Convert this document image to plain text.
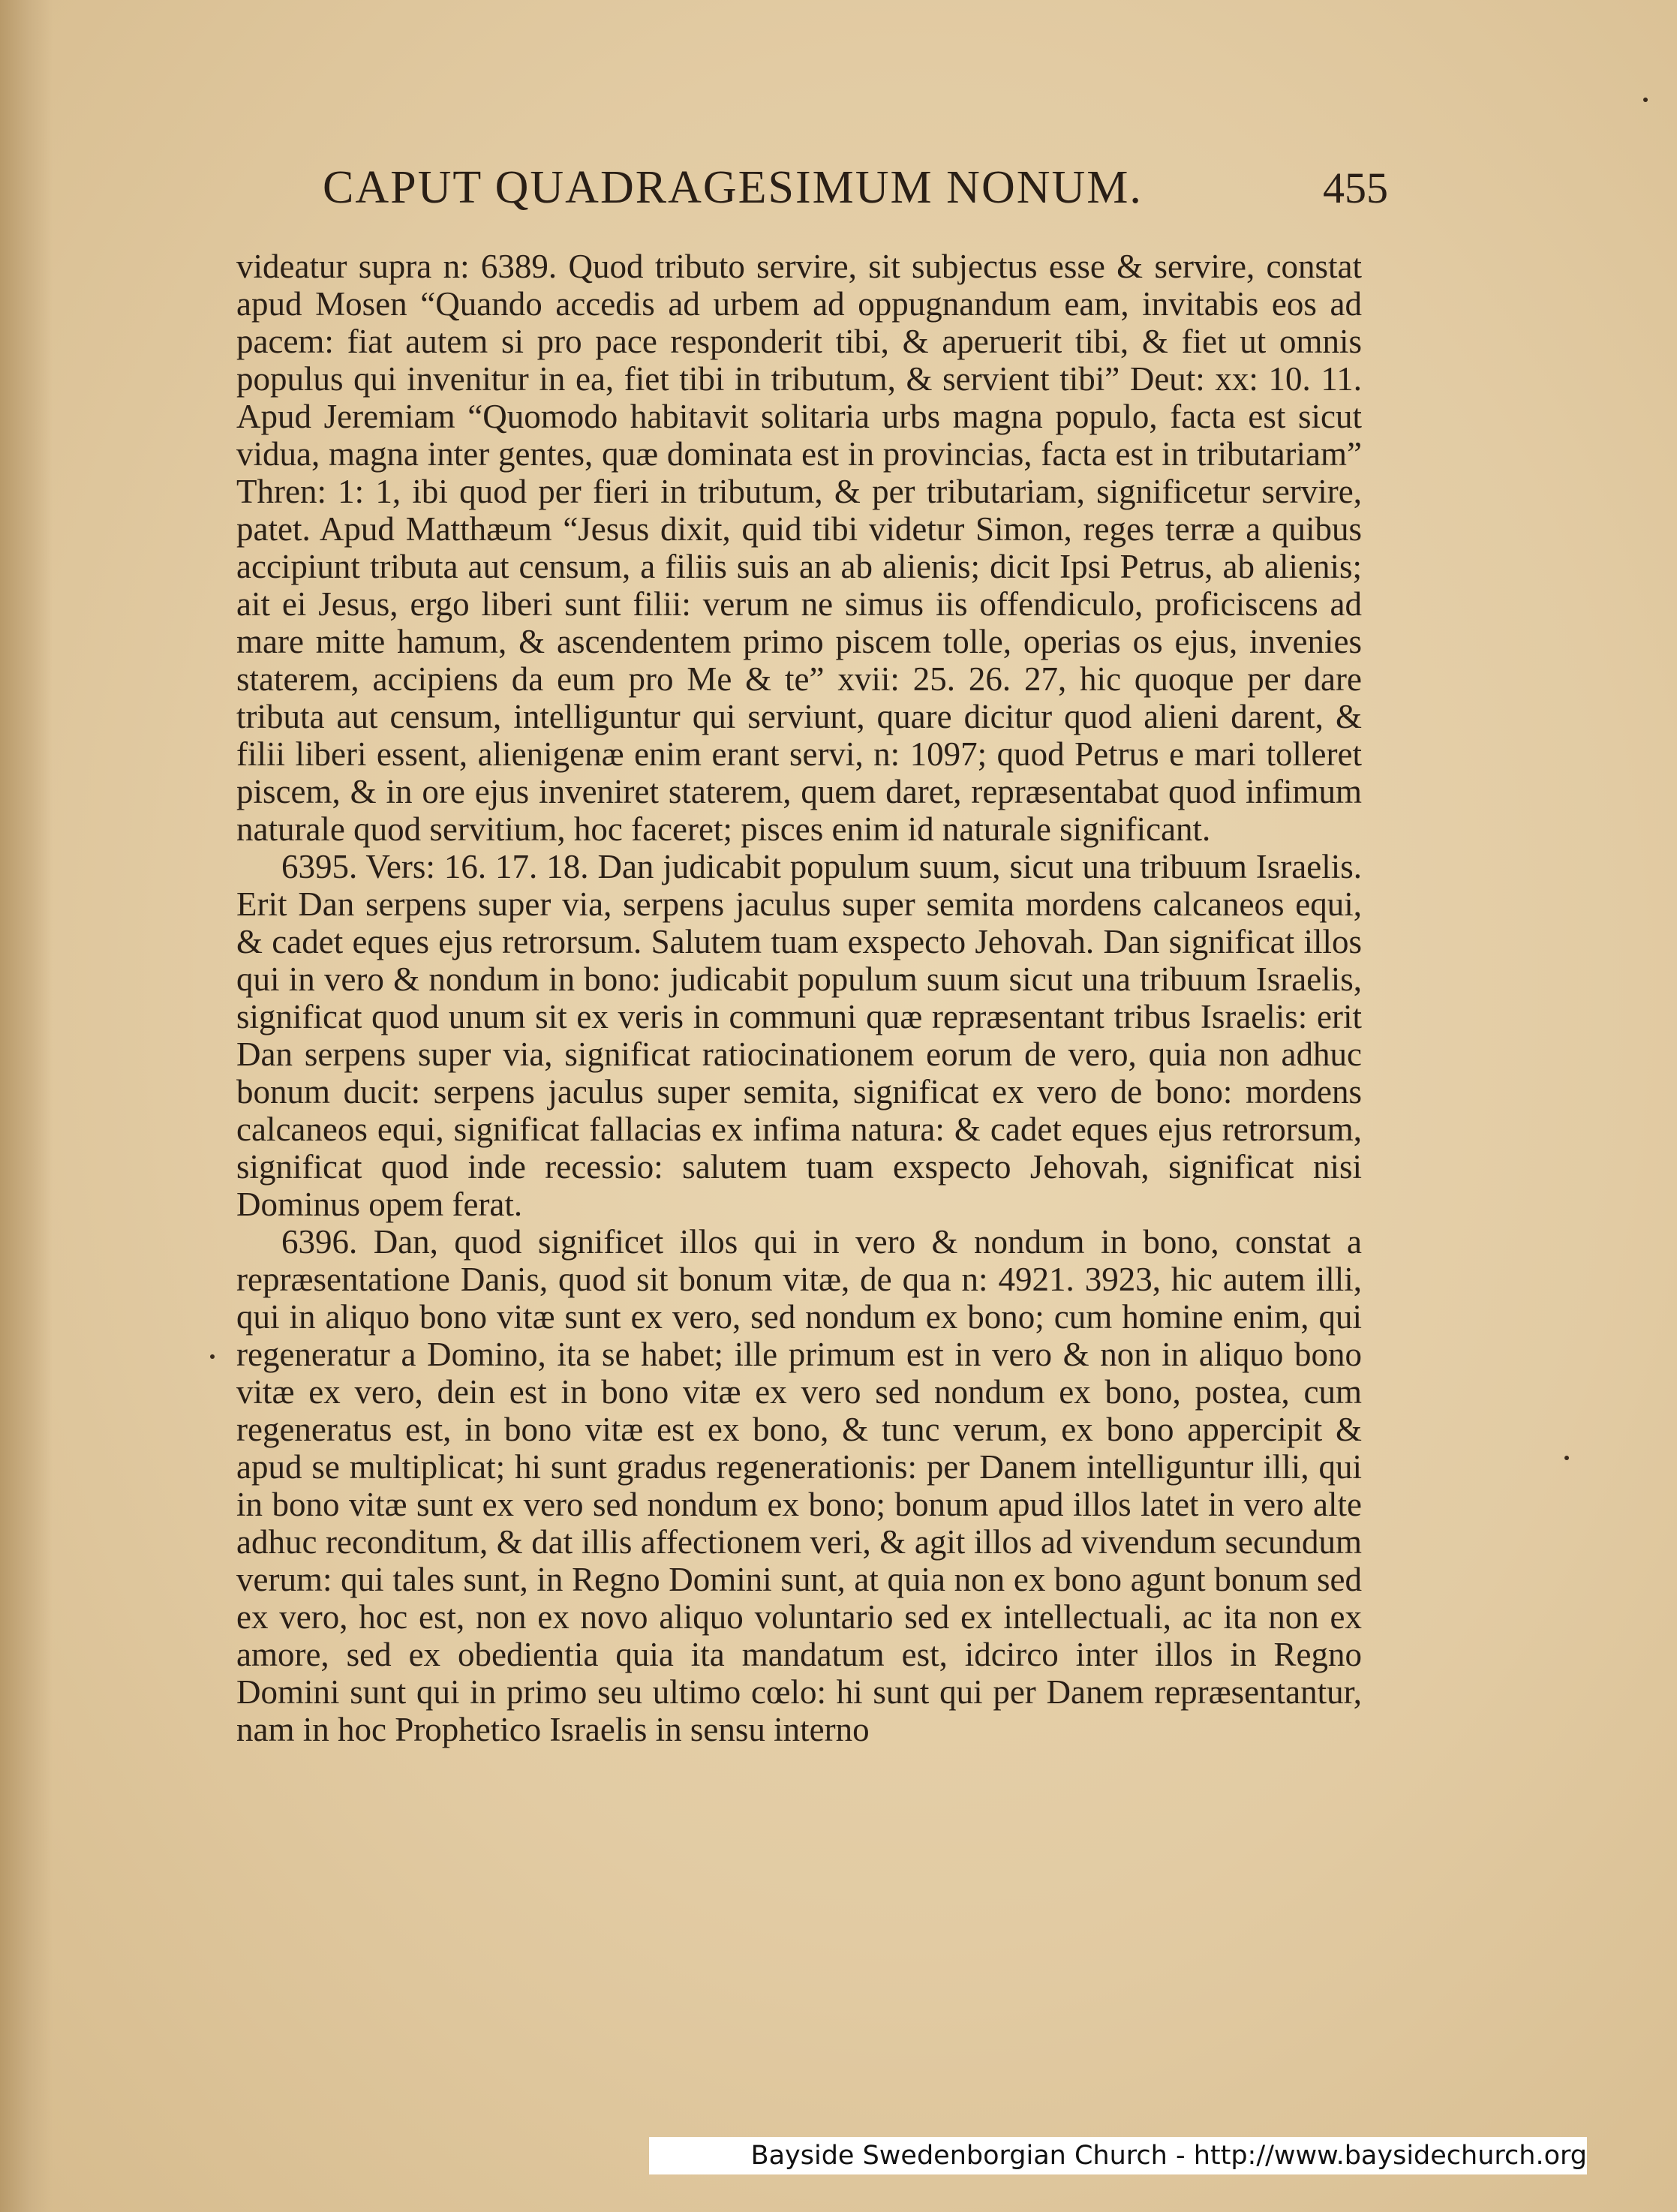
CAPUT QUADRAGESIMUM NONUM.	455

videatur supra n: 6389. Quod tributo servire, sit subjectus esse & servire, constat apud Mosen “Quando accedis ad urbem ad oppugnandum eam, invitabis eos ad pacem: fiat autem si pro pace responderit tibi, & aperuerit tibi, & fiet ut omnis populus qui invenitur in ea, fiet tibi in tributum, & servient tibi” Deut: xx: 10. 11. Apud Jeremiam “Quomodo habitavit solitaria urbs magna populo, facta est sicut vidua, magna inter gentes, quæ dominata est in provincias, facta est in tributariam” Thren: 1: 1, ibi quod per fieri in tributum, & per tributariam, significetur servire, patet. Apud Matthæum “Jesus dixit, quid tibi videtur Simon, reges terræ a quibus accipiunt tributa aut censum, a filiis suis an ab alienis; dicit Ipsi Petrus, ab alienis; ait ei Jesus, ergo liberi sunt filii: verum ne simus iis offendiculo, proficiscens ad mare mitte hamum, & ascendentem primo piscem tolle, operias os ejus, invenies staterem, accipiens da eum pro Me & te” xvii: 25. 26. 27, hic quoque per dare tributa aut censum, intelliguntur qui serviunt, quare dicitur quod alieni darent, & filii liberi essent, alienigenæ enim erant servi, n: 1097; quod Petrus e mari tolleret piscem, & in ore ejus inveniret staterem, quem daret, repræsentabat quod infimum naturale quod servitium, hoc faceret; pisces enim id naturale significant.

6395. Vers: 16. 17. 18. Dan judicabit populum suum, sicut una tribuum Israelis. Erit Dan serpens super via, serpens jaculus super semita mordens calcaneos equi, & cadet eques ejus retrorsum. Salutem tuam exspecto Jehovah. Dan significat illos qui in vero & nondum in bono: judicabit populum suum sicut una tribuum Israelis, significat quod unum sit ex veris in communi quæ repræsentant tribus Israelis: erit Dan serpens super via, significat ratiocinationem eorum de vero, quia non adhuc bonum ducit: serpens jaculus super semita, significat ex vero de bono: mordens calcaneos equi, significat fallacias ex infima natura: & cadet eques ejus retrorsum, significat quod inde recessio: salutem tuam exspecto Jehovah, significat nisi Dominus opem ferat.

6396. Dan, quod significet illos qui in vero & nondum in bono, constat a repræsentatione Danis, quod sit bonum vitæ, de qua n: 4921. 3923, hic autem illi, qui in aliquo bono vitæ sunt ex vero, sed nondum ex bono; cum homine enim, qui regeneratur a Domino, ita se habet; ille primum est in vero & non in aliquo bono vitæ ex vero, dein est in bono vitæ ex vero sed nondum ex bono, postea, cum regeneratus est, in bono vitæ est ex bono, & tunc verum, ex bono appercipit & apud se multiplicat; hi sunt gradus regenerationis: per Danem intelliguntur illi, qui in bono vitæ sunt ex vero sed nondum ex bono; bonum apud illos latet in vero alte adhuc reconditum, & dat illis affectionem veri, & agit illos ad vivendum secundum verum: qui tales sunt, in Regno Domini sunt, at quia non ex bono agunt bonum sed ex vero, hoc est, non ex novo aliquo voluntario sed ex intellectuali, ac ita non ex amore, sed ex obedientia quia ita mandatum est, idcirco inter illos in Regno Domini sunt qui in primo seu ultimo cœlo: hi sunt qui per Danem repræsentantur, nam in hoc Prophetico Israelis in sensu interno

Bayside Swedenborgian Church - http://www.baysidechurch.org
